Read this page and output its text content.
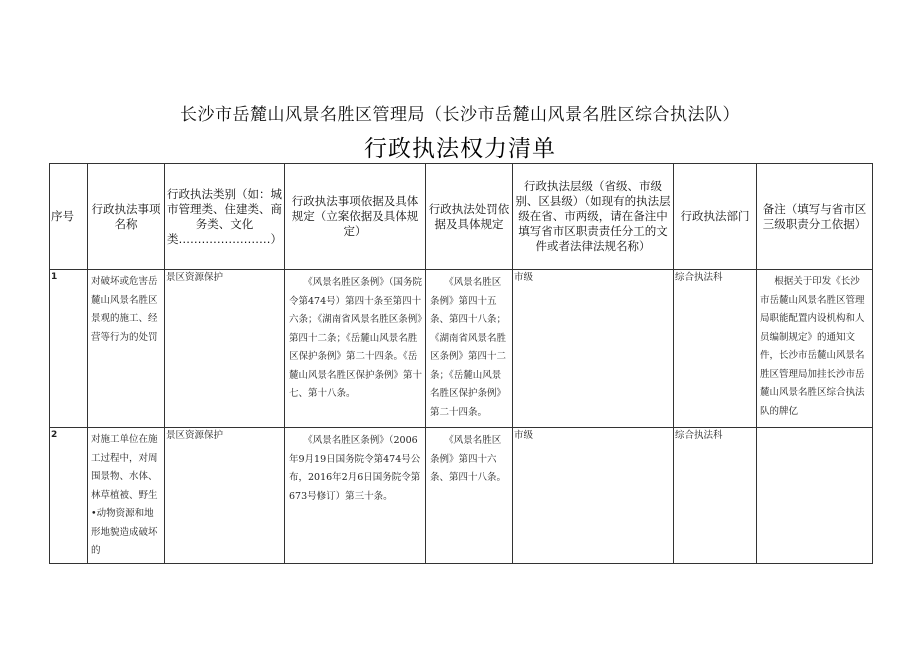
长沙市岳麓山风景名胜区管理局（长沙市岳麓山风景名胜区综合执法队）
行政执法权力清单
序号	行政执法事项名称	行政执法类别（如：城市管理类、住建类、商务类、文化类……………………）	行政执法事项依据及具体规定（立案依据及具体规定）	行政执法处罚依据及具体规定	行政执法层级（省级、市级别、区县级）（如现有的执法层级在省、市两级，请在备注中填写省市区职责责任分工的文件或者法律法规名称）	行政执法部门	备注（填写与省市区三级职责分工依据）

1	对破坏或危害岳麓山风景名胜区景观的施工、经营等行为的处罚	景区资源保护	《风景名胜区条例》（国务院令第474号）第四十条至第四十六条；《湖南省风景名胜区条例》第四十二条；《岳麓山风景名胜区保护条例》第二十四条。《岳麓山风景名胜区保护条例》第十七、第十八条。	《风景名胜区条例》第四十五条、第四十八条；《湖南省风景名胜区条例》第四十二条；《岳麓山风景名胜区保护条例》第二十四条。	市级	综合执法科	根据关于印发《长沙市岳麓山风景名胜区管理局职能配置内设机构和人员编制规定》的通知文件，长沙市岳麓山风景名胜区管理局加挂长沙市岳麓山风景名胜区综合执法队的牌亿

2	对施工单位在施工过程中，对周围景物、水体、林草植被、野生•动物资源和地形地貌造成破坏的	景区资源保护	《风景名胜区条例》（2006年9月19日国务院令第474号公布，2016年2月6日国务院令第673号修订）第三十条。	《风景名胜区条例》第四十六条、第四十八条。	市级	综合执法科	
